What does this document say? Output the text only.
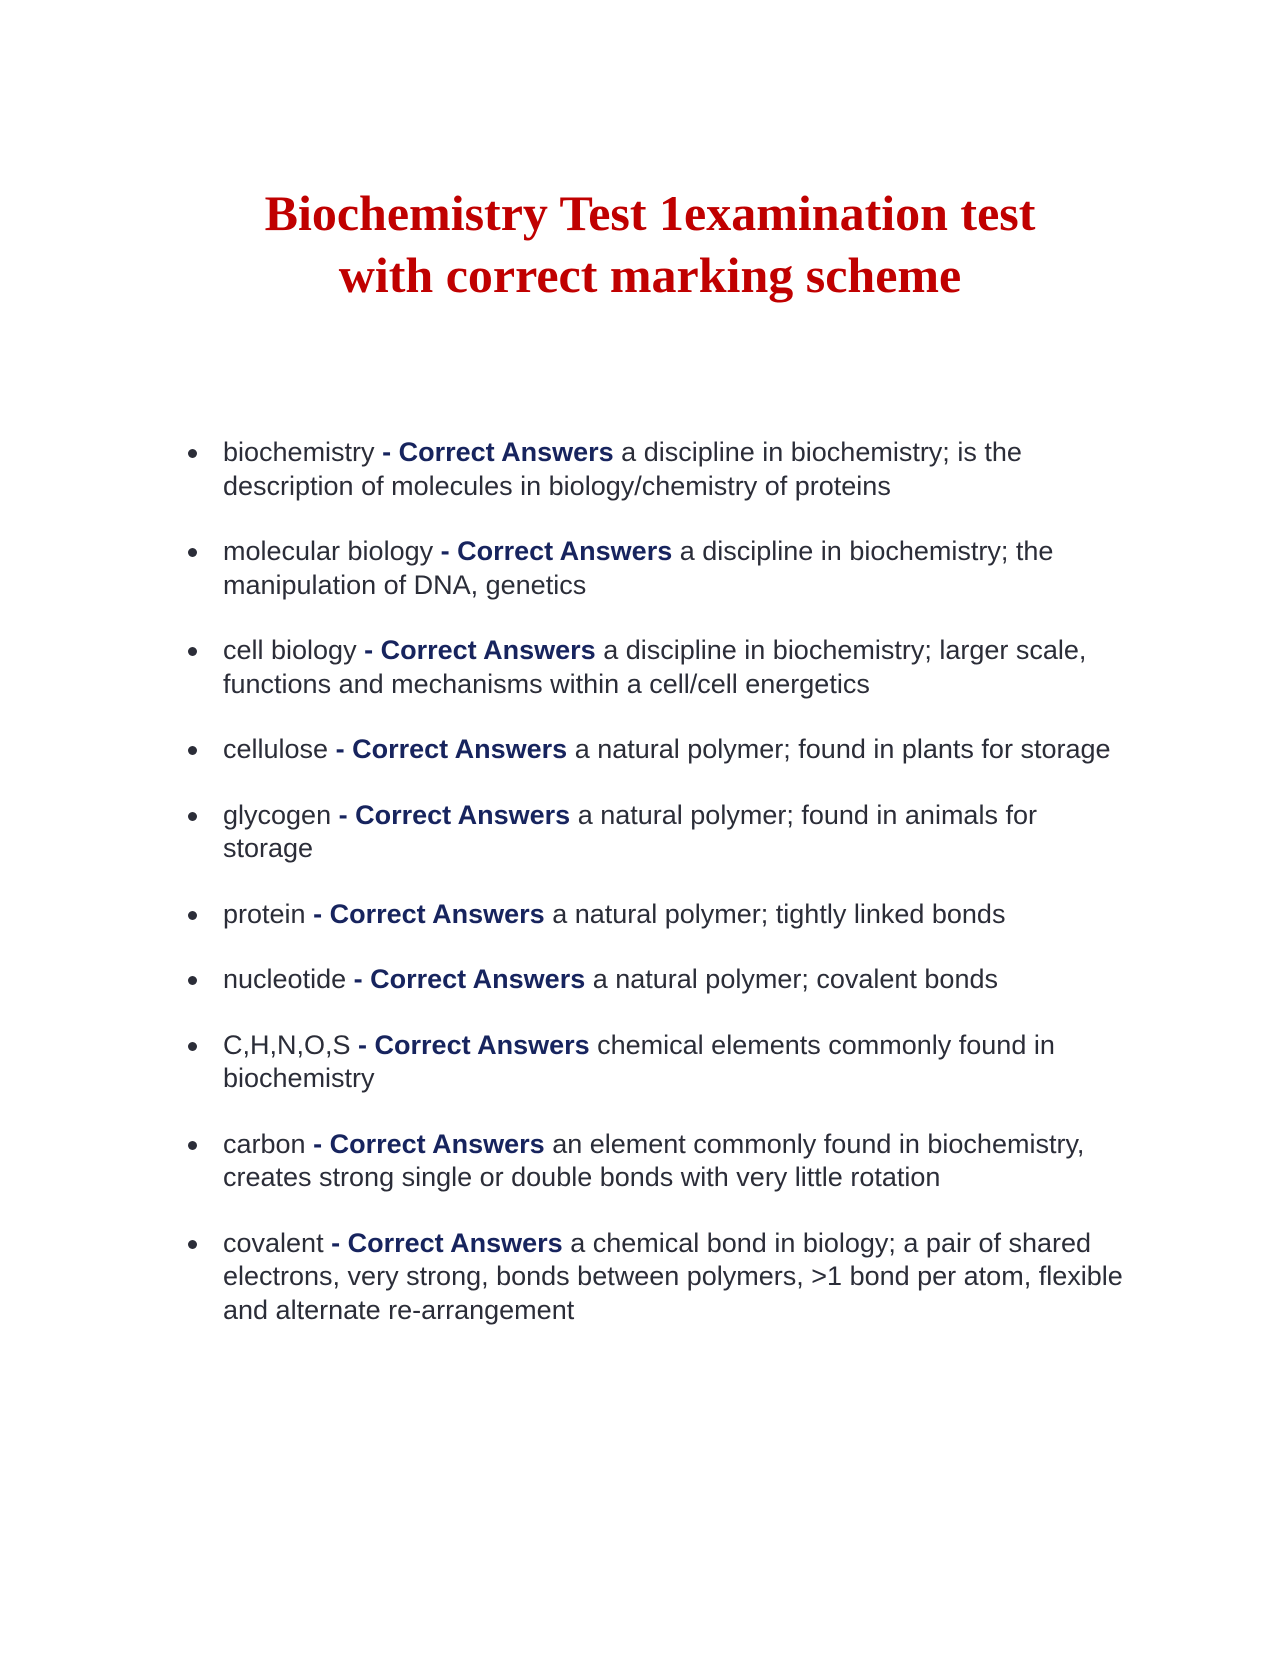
Biochemistry Test 1examination test
with correct marking scheme
biochemistry - Correct Answers a discipline in biochemistry; is the description of molecules in biology/chemistry of proteins
molecular biology - Correct Answers a discipline in biochemistry; the manipulation of DNA, genetics
cell biology - Correct Answers a discipline in biochemistry; larger scale, functions and mechanisms within a cell/cell energetics
cellulose - Correct Answers a natural polymer; found in plants for storage
glycogen - Correct Answers a natural polymer; found in animals for storage
protein - Correct Answers a natural polymer; tightly linked bonds
nucleotide - Correct Answers a natural polymer; covalent bonds
C,H,N,O,S - Correct Answers chemical elements commonly found in biochemistry
carbon - Correct Answers an element commonly found in biochemistry, creates strong single or double bonds with very little rotation
covalent - Correct Answers a chemical bond in biology; a pair of shared electrons, very strong, bonds between polymers, >1 bond per atom, flexible and alternate re-arrangement
